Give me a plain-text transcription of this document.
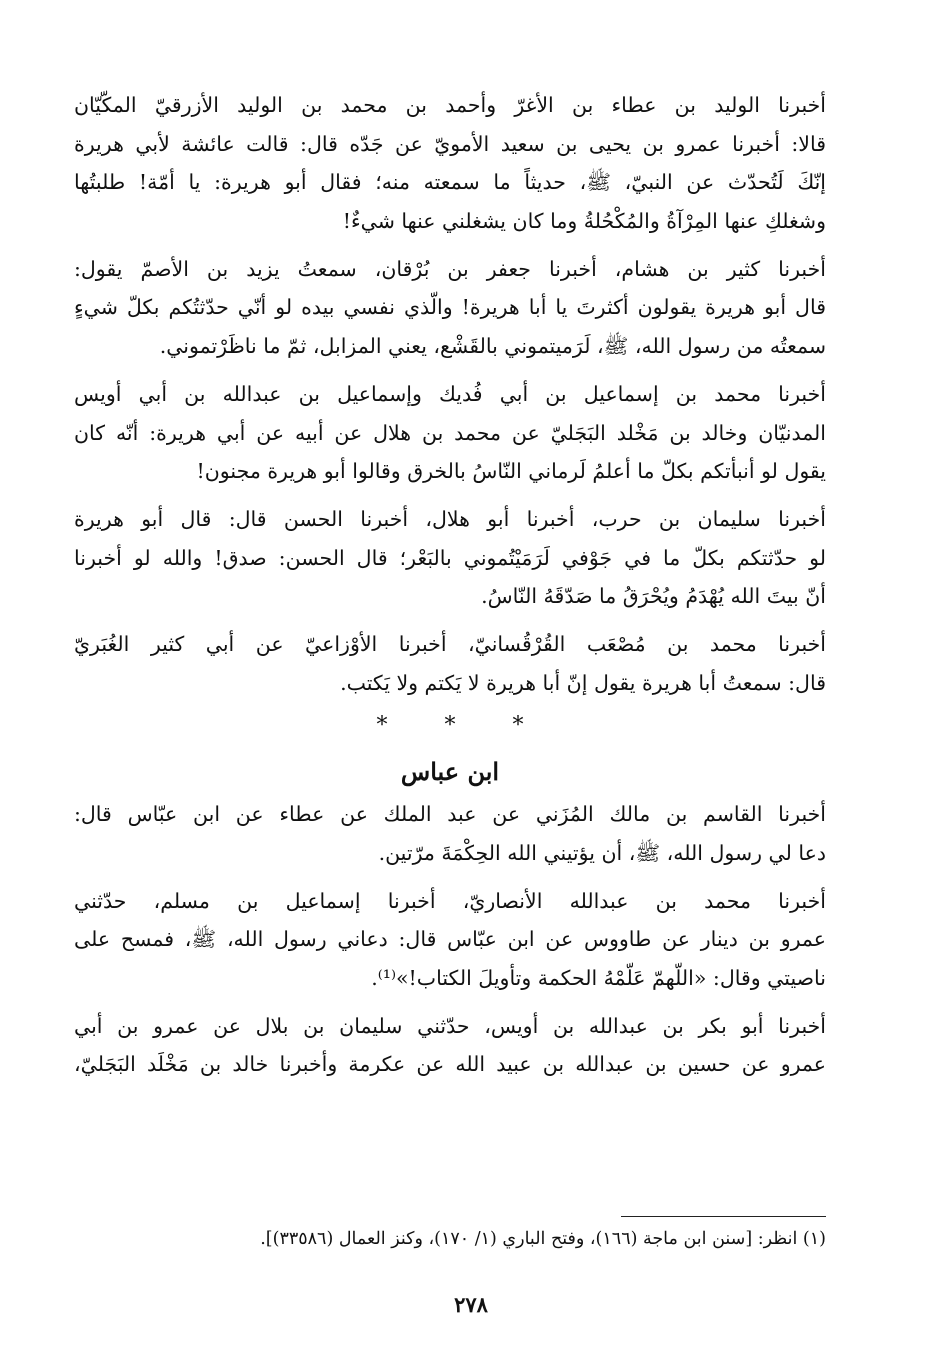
أخبرنا الوليد بن عطاء بن الأغرّ وأحمد بن محمد بن الوليد الأزرقيّ المكّيّان
قالا: أخبرنا عمرو بن يحيى بن سعيد الأمويّ عن جَدّه قال: قالت عائشة لأبي هريرة
إنّكَ لَتُحدّث عن النبيّ، ﷺ، حديثاً ما سمعته منه؛ فقال أبو هريرة: يا أمّة! طلبتُها
وشغلكِ عنها المِرْآةُ والمُكْحُلةُ وما كان يشغلني عنها شيءٌ!
أخبرنا كثير بن هشام، أخبرنا جعفر بن بُرْقان، سمعتُ يزيد بن الأصمّ يقول:
قال أبو هريرة يقولون أكثرتَ يا أبا هريرة! والّذي نفسي بيده لو أنّي حدّثتُكم بكلّ شيءٍ
سمعتُه من رسول الله، ﷺ، لَرَميتموني بالقَشْع، يعني المزابل، ثمّ ما ناظَرْتموني.
أخبرنا محمد بن إسماعيل بن أبي فُديك وإسماعيل بن عبدالله بن أبي أويس
المدنيّان وخالد بن مَخْلد البَجَليّ عن محمد بن هلال عن أبيه عن أبي هريرة: أنّه كان
يقول لو أنبأتكم بكلّ ما أعلمُ لَرماني النّاسُ بالخرق وقالوا أبو هريرة مجنون!
أخبرنا سليمان بن حرب، أخبرنا أبو هلال، أخبرنا الحسن قال: قال أبو هريرة
لو حدّثتكم بكلّ ما في جَوْفي لَرَمَيْتُموني بالبَعْر؛ قال الحسن: صدق! والله لو أخبرنا
أنّ بيتَ الله يُهْدَمُ ويُحْرَقُ ما صَدّقَهُ النّاسُ.
أخبرنا محمد بن مُصْعَب القُرْقُسانيّ، أخبرنا الأوْزاعيّ عن أبي كثير الغُبَريّ
قال: سمعتُ أبا هريرة يقول إنّ أبا هريرة لا يَكتم ولا يَكتب.
* * *
ابن عباس
أخبرنا القاسم بن مالك المُزَني عن عبد الملك عن عطاء عن ابن عبّاس قال:
دعا لي رسول الله، ﷺ، أن يؤتيني الله الحِكْمَةَ مرّتين.
أخبرنا محمد بن عبدالله الأنصاريّ، أخبرنا إسماعيل بن مسلم، حدّثني
عمرو بن دينار عن طاووس عن ابن عبّاس قال: دعاني رسول الله، ﷺ، فمسح على
ناصيتي وقال: «اللّهمّ عَلّمْهُ الحكمة وتأويلَ الكتاب!»⁽¹⁾.
أخبرنا أبو بكر بن عبدالله بن أويس، حدّثني سليمان بن بلال عن عمرو بن أبي
عمرو عن حسين بن عبدالله بن عبيد الله عن عكرمة وأخبرنا خالد بن مَخْلَد البَجَليّ،
(١) انظر: [سنن ابن ماجة (١٦٦)، وفتح الباري (١/ ١٧٠)، وكنز العمال (٣٣٥٨٦)].
٢٧٨
